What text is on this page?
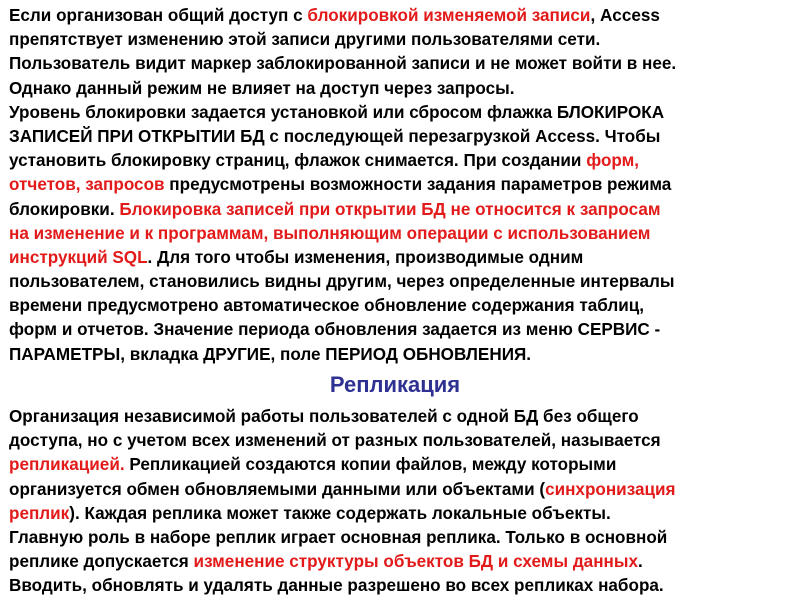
Если организован общий доступ с блокировкой изменяемой записи, Access
препятствует изменению этой записи другими пользователями сети.
Пользователь видит маркер заблокированной записи и не может войти в нее.
Однако данный режим не влияет на доступ через запросы.
Уровень блокировки задается установкой или сбросом флажка БЛОКИРОКА
ЗАПИСЕЙ ПРИ ОТКРЫТИИ БД с последующей перезагрузкой Access. Чтобы
установить блокировку страниц, флажок снимается. При создании форм,
отчетов, запросов предусмотрены возможности задания параметров режима
блокировки. Блокировка записей при открытии БД не относится к запросам
на изменение и к программам, выполняющим операции с использованием
инструкций SQL. Для того чтобы изменения, производимые одним
пользователем, становились видны другим, через определенные интервалы
времени предусмотрено автоматическое обновление содержания таблиц,
форм и отчетов. Значение периода обновления задается из меню СЕРВИС -
ПАРАМЕТРЫ, вкладка ДРУГИЕ, поле ПЕРИОД ОБНОВЛЕНИЯ.
Репликация
Организация независимой работы пользователей с одной БД без общего
доступа, но с учетом всех изменений от разных пользователей, называется
репликацией. Репликацией создаются копии файлов, между которыми
организуется обмен обновляемыми данными или объектами (синхронизация
реплик). Каждая реплика может также содержать локальные объекты.
Главную роль в наборе реплик играет основная реплика. Только в основной
реплике допускается изменение структуры объектов БД и схемы данных.
Вводить, обновлять и удалять данные разрешено во всех репликах набора.
